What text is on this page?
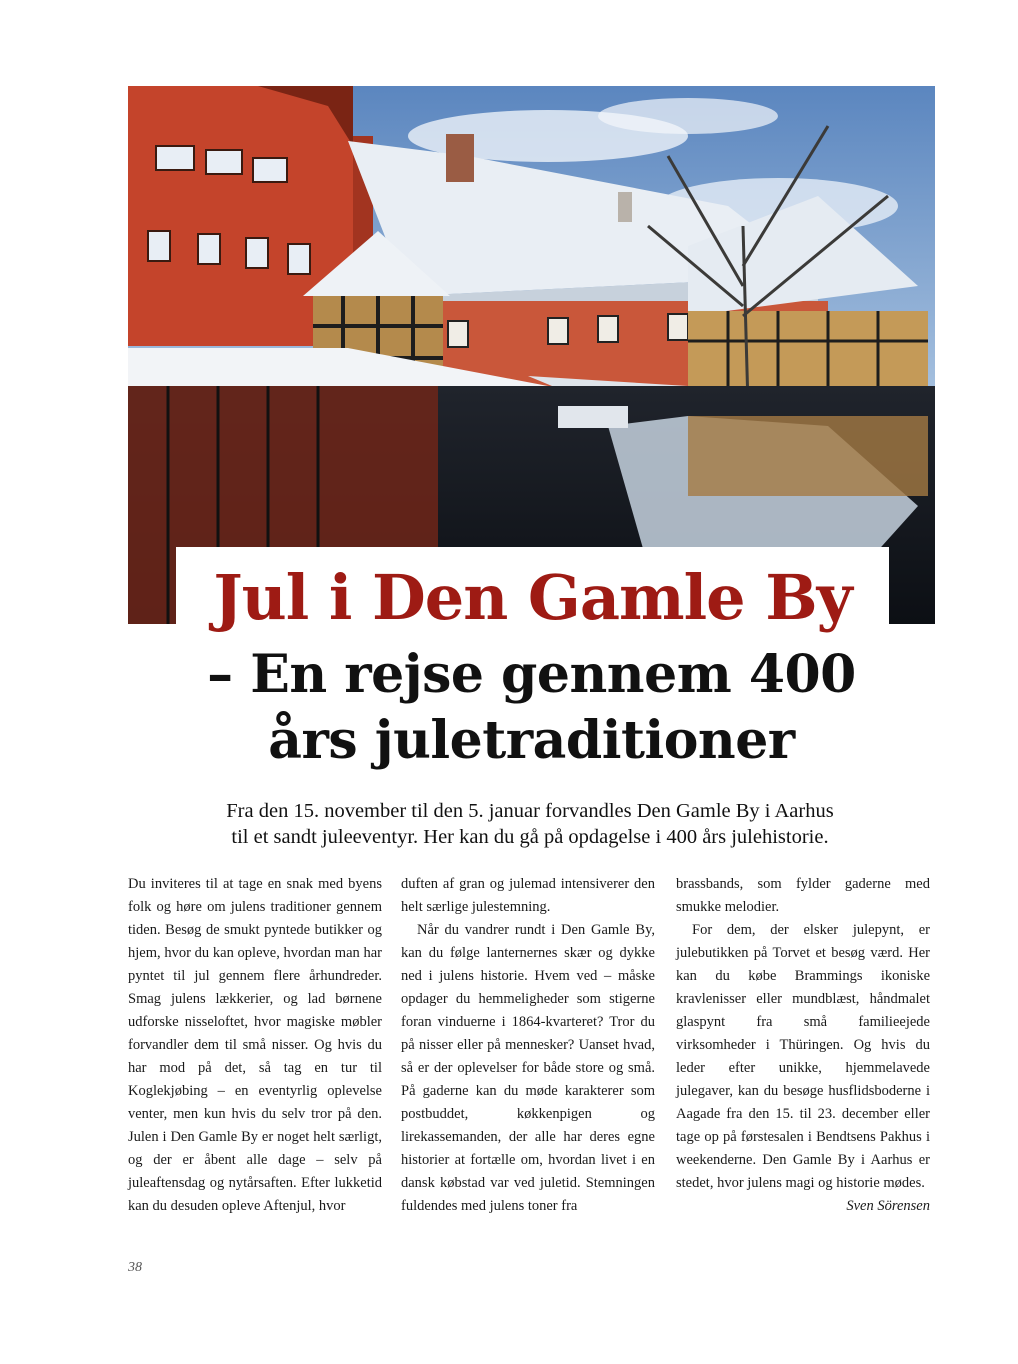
Jul i Den Gamle By
– En rejse gennem 400
års juletraditioner

Fra den 15. november til den 5. januar forvandles Den Gamle By i Aarhus
til et sandt juleeventyr. Her kan du gå på opdagelse i 400 års julehistorie.

Du inviteres til at tage en snak med byens folk og høre om julens traditioner gennem tiden. Besøg de smukt pyntede butikker og hjem, hvor du kan opleve, hvordan man har pyntet til jul gennem flere århundreder. Smag julens lækkerier, og lad børnene udforske nisseloftet, hvor magiske møbler forvandler dem til små nisser. Og hvis du har mod på det, så tag en tur til Koglekjøbing – en eventyrlig oplevelse venter, men kun hvis du selv tror på den. Julen i Den Gamle By er noget helt særligt, og der er åbent alle dage – selv på juleaftensdag og nytårsaften. Efter lukketid kan du desuden opleve Aftenjul, hvor

duften af gran og julemad intensiverer den helt særlige julestemning.

Når du vandrer rundt i Den Gamle By, kan du følge lanternernes skær og dykke ned i julens historie. Hvem ved – måske opdager du hemmeligheder som stigerne foran vinduerne i 1864-kvarteret? Tror du på nisser eller på mennesker? Uanset hvad, så er der oplevelser for både store og små. På gaderne kan du møde karakterer som postbuddet, køkkenpigen og lirekassemanden, der alle har deres egne historier at fortælle om, hvordan livet i en dansk købstad var ved juletid. Stemningen fuldendes med julens toner fra

brassbands, som fylder gaderne med smukke melodier.

For dem, der elsker julepynt, er julebutikken på Torvet et besøg værd. Her kan du købe Brammings ikoniske kravlenisser eller mundblæst, håndmalet glaspynt fra små familieejede virksomheder i Thüringen. Og hvis du leder efter unikke, hjemmelavede julegaver, kan du besøge husflidsboderne i Aagade fra den 15. til 23. december eller tage op på førstesalen i Bendtsens Pakhus i weekenderne. Den Gamle By i Aarhus er stedet, hvor julens magi og historie mødes.

Sven Sörensen

38
